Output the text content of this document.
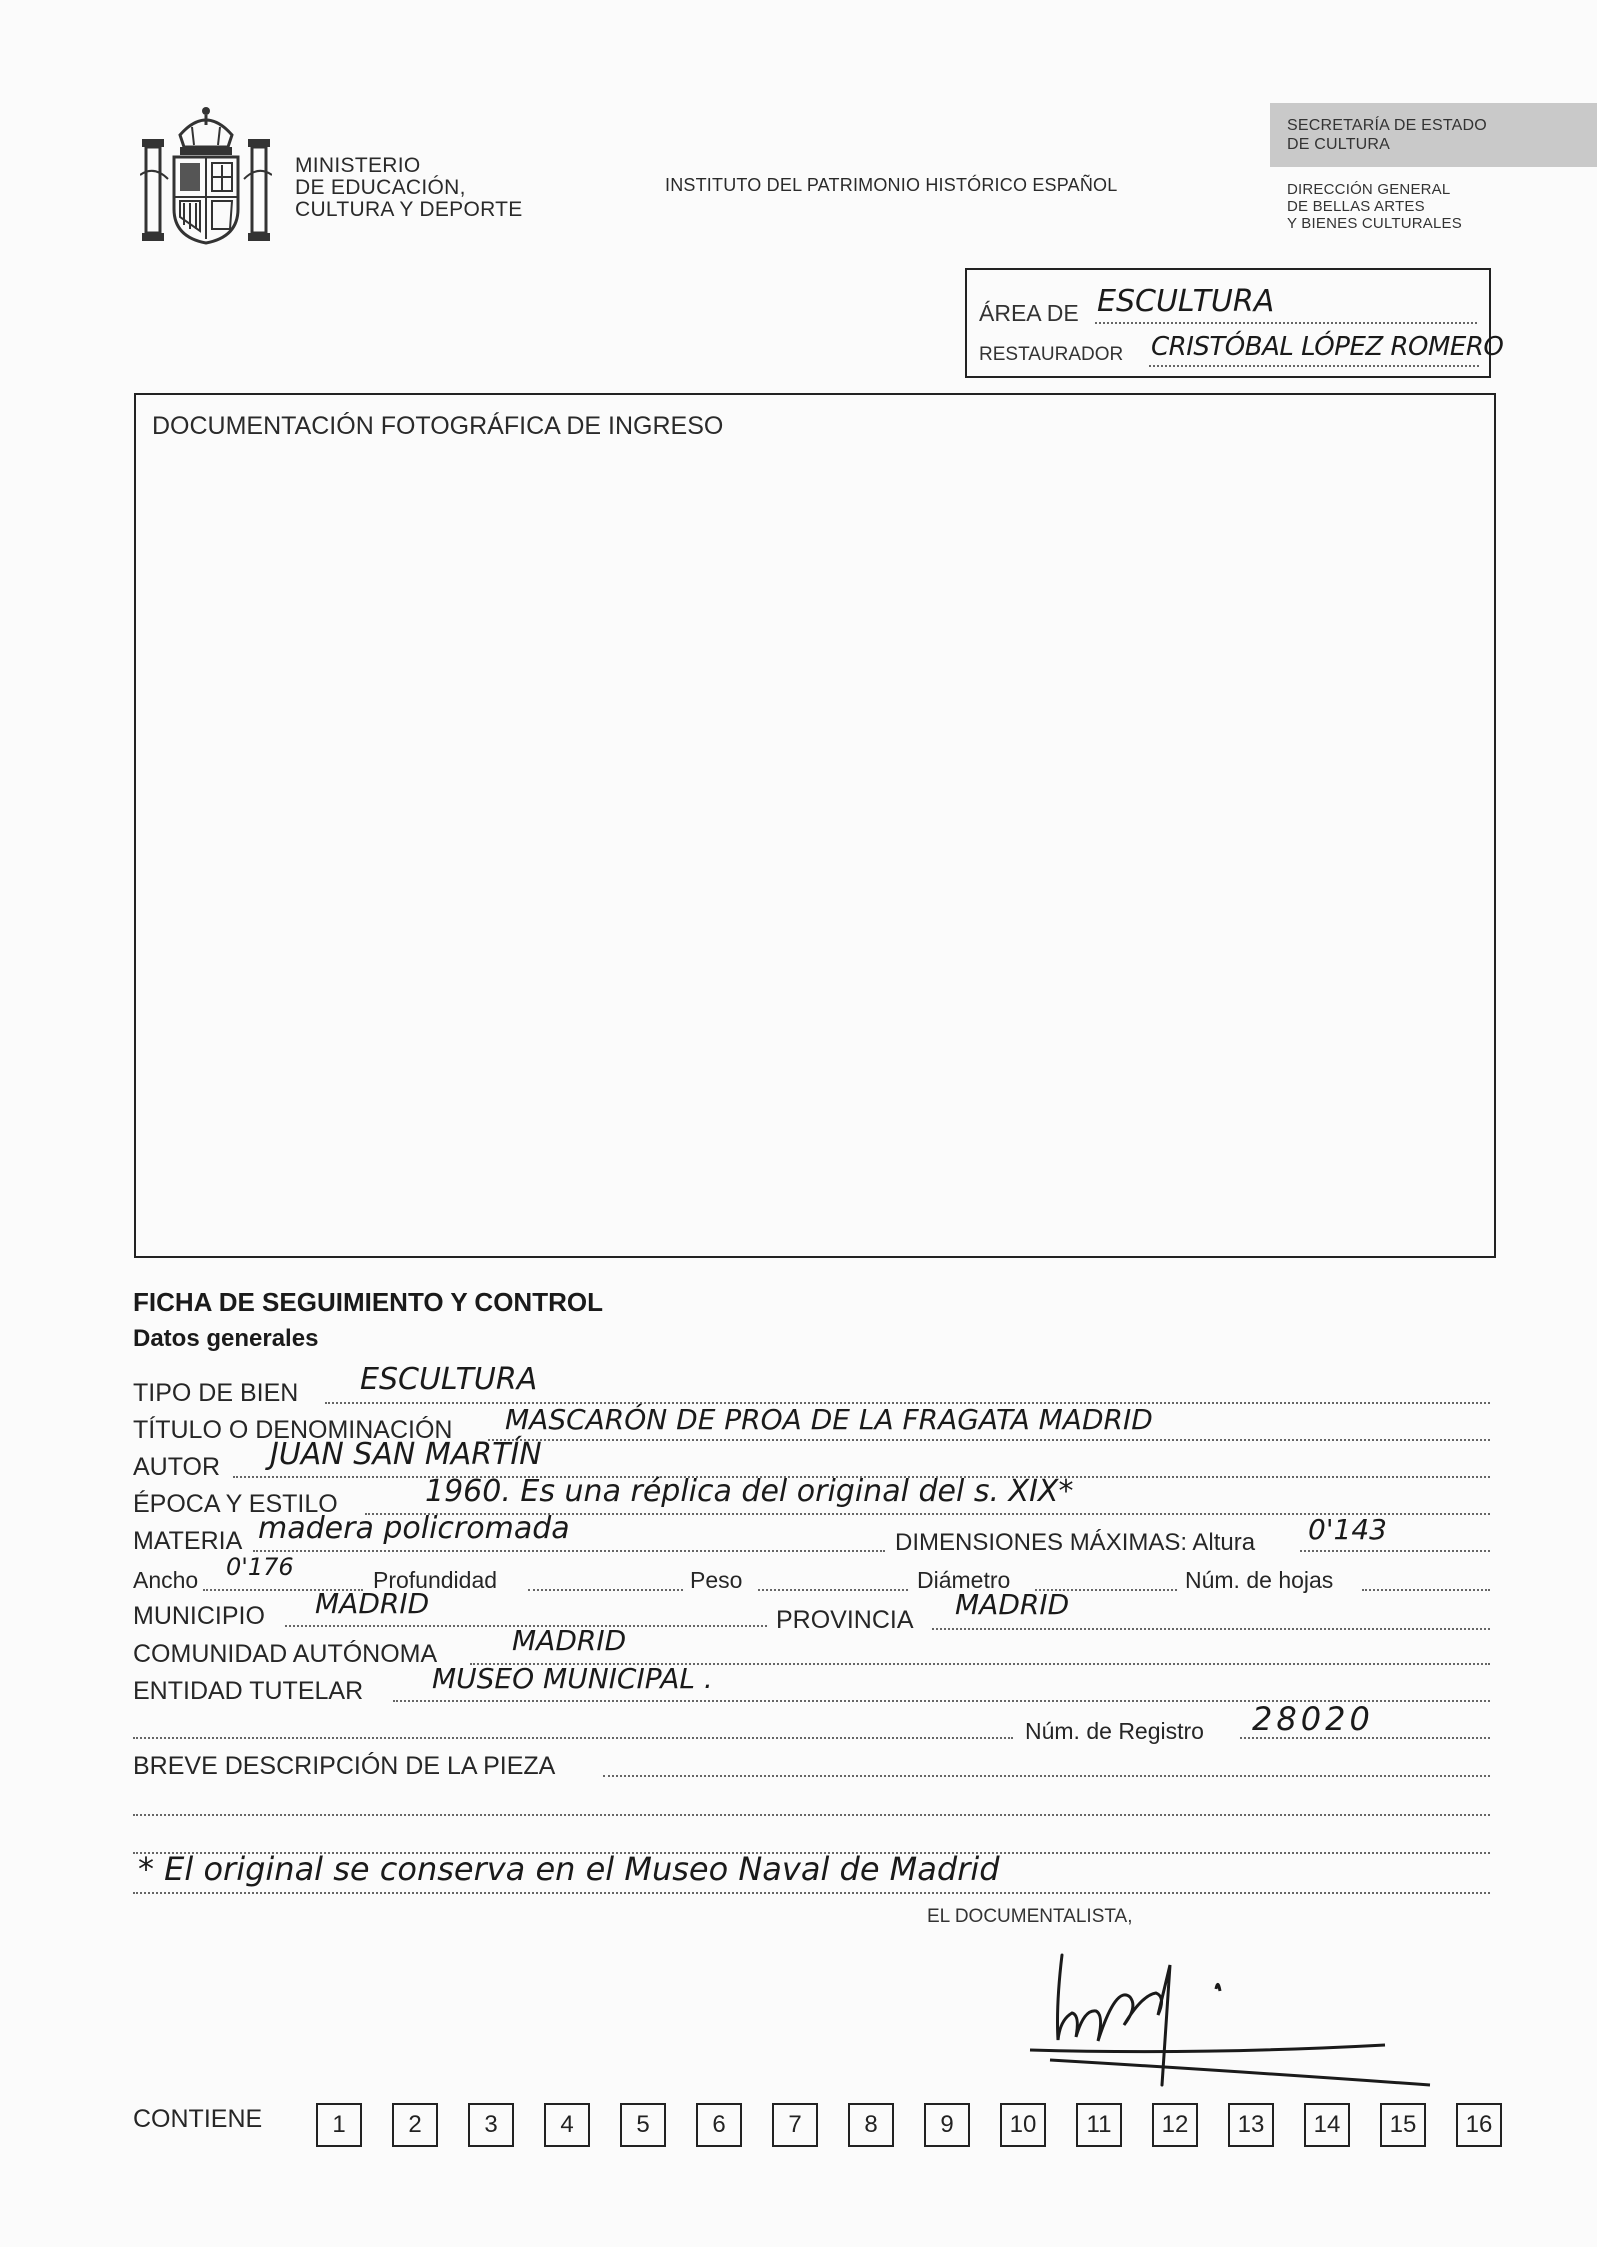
MINISTERIO
DE EDUCACIÓN,
CULTURA Y DEPORTE
INSTITUTO DEL PATRIMONIO HISTÓRICO ESPAÑOL
SECRETARÍA DE ESTADO
DE CULTURA
DIRECCIÓN GENERAL
DE BELLAS ARTES
Y BIENES CULTURALES
ÁREA DE ESCULTURA
RESTAURADOR CRISTÓBAL LÓPEZ ROMERO
DOCUMENTACIÓN FOTOGRÁFICA DE INGRESO
FICHA DE SEGUIMIENTO Y CONTROL
Datos generales
TIPO DE BIEN ESCULTURA
TÍTULO O DENOMINACIÓN MASCARÓN DE PROA DE LA FRAGATA MADRID
AUTOR JUAN SAN MARTÍN
ÉPOCA Y ESTILO	1960. Es una réplica del original del s. XIX*
MATERIA madera policromada	DIMENSIONES MÁXIMAS: Altura 0'143
Ancho 0'176	Profundidad	Peso	Diámetro	Núm. de hojas
MUNICIPIO MADRID	PROVINCIA MADRID
COMUNIDAD AUTÓNOMA	MADRID
ENTIDAD TUTELAR MUSEO MUNICIPAL .
Núm. de Registro 28020
BREVE DESCRIPCIÓN DE LA PIEZA
* El original se conserva en el Museo Naval de Madrid
EL DOCUMENTALISTA,
CONTIENE	1	2	3	4	5	6	7	8	9	10	11	12	13	14	15	16
